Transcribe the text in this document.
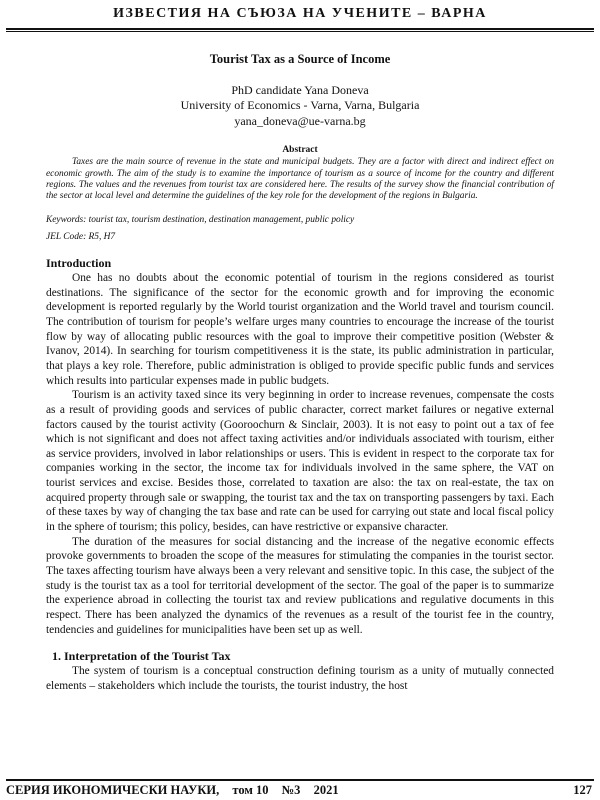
ИЗВЕСТИЯ НА СЪЮЗА НА УЧЕНИТЕ – ВАРНА

Tourist Tax as a Source of Income

PhD candidate Yana Doneva
University of Economics - Varna, Varna, Bulgaria
yana_doneva@ue-varna.bg
Abstract
Taxes are the main source of revenue in the state and municipal budgets. They are a factor with direct and indirect effect on economic growth. The aim of the study is to examine the importance of tourism as a source of income for the country and different regions. The values and the revenues from tourist tax are considered here. The results of the survey show the financial contribution of the sector at local level and determine the guidelines of the key role for the development of the regions in Bulgaria.
Keywords: tourist tax, tourism destination, destination management, public policy
JEL Code: R5, H7
Introduction

One has no doubts about the economic potential of tourism in the regions considered as tourist destinations. The significance of the sector for the economic growth and for improving the economic development is reported regularly by the World tourist organization and the World travel and tourism council. The contribution of tourism for people’s welfare urges many countries to encourage the increase of the tourist flow by way of allocating public resources with the goal to improve their competitive position (Webster & Ivanov, 2014). In searching for tourism competitiveness it is the state, its public administration in particular, that plays a key role. Therefore, public administration is obliged to provide specific public funds and services which results into particular expenses made in public budgets.

Tourism is an activity taxed since its very beginning in order to increase revenues, compensate the costs as a result of providing goods and services of public character, correct market failures or negative external factors caused by the tourist activity (Gooroochurn & Sinclair, 2003). It is not easy to point out a tax of fee which is not significant and does not affect taxing activities and/or individuals associated with tourism, either as service providers, involved in labor relationships or users. This is evident in respect to the corporate tax for companies working in the sector, the income tax for individuals involved in the same sphere, the VAT on tourist services and excise. Besides those, correlated to taxation are also: the tax on real-estate, the tax on acquired property through sale or swapping, the tourist tax and the tax on transporting passengers by taxi. Each of these taxes by way of changing the tax base and rate can be used for carrying out state and local fiscal policy in the sphere of tourism; this policy, besides, can have restrictive or expansive character.

The duration of the measures for social distancing and the increase of the negative economic effects provoke governments to broaden the scope of the measures for stimulating the companies in the tourist sector. The taxes affecting tourism have always been a very relevant and sensitive topic. In this case, the subject of the study is the tourist tax as a tool for territorial development of the sector. The goal of the paper is to summarize the experience abroad in collecting the tourist tax and review publications and regulative documents in this respect. There has been analyzed the dynamics of the revenues as a result of the tourist fee in the country, tendencies and guidelines for municipalities have been set up as well.

1. Interpretation of the Tourist Tax

The system of tourism is a conceptual construction defining tourism as a unity of mutually connected elements – stakeholders which include the tourists, the tourist industry, the host

СЕРИЯ ИКОНОМИЧЕСКИ НАУКИ, том 10 №3 2021	127
